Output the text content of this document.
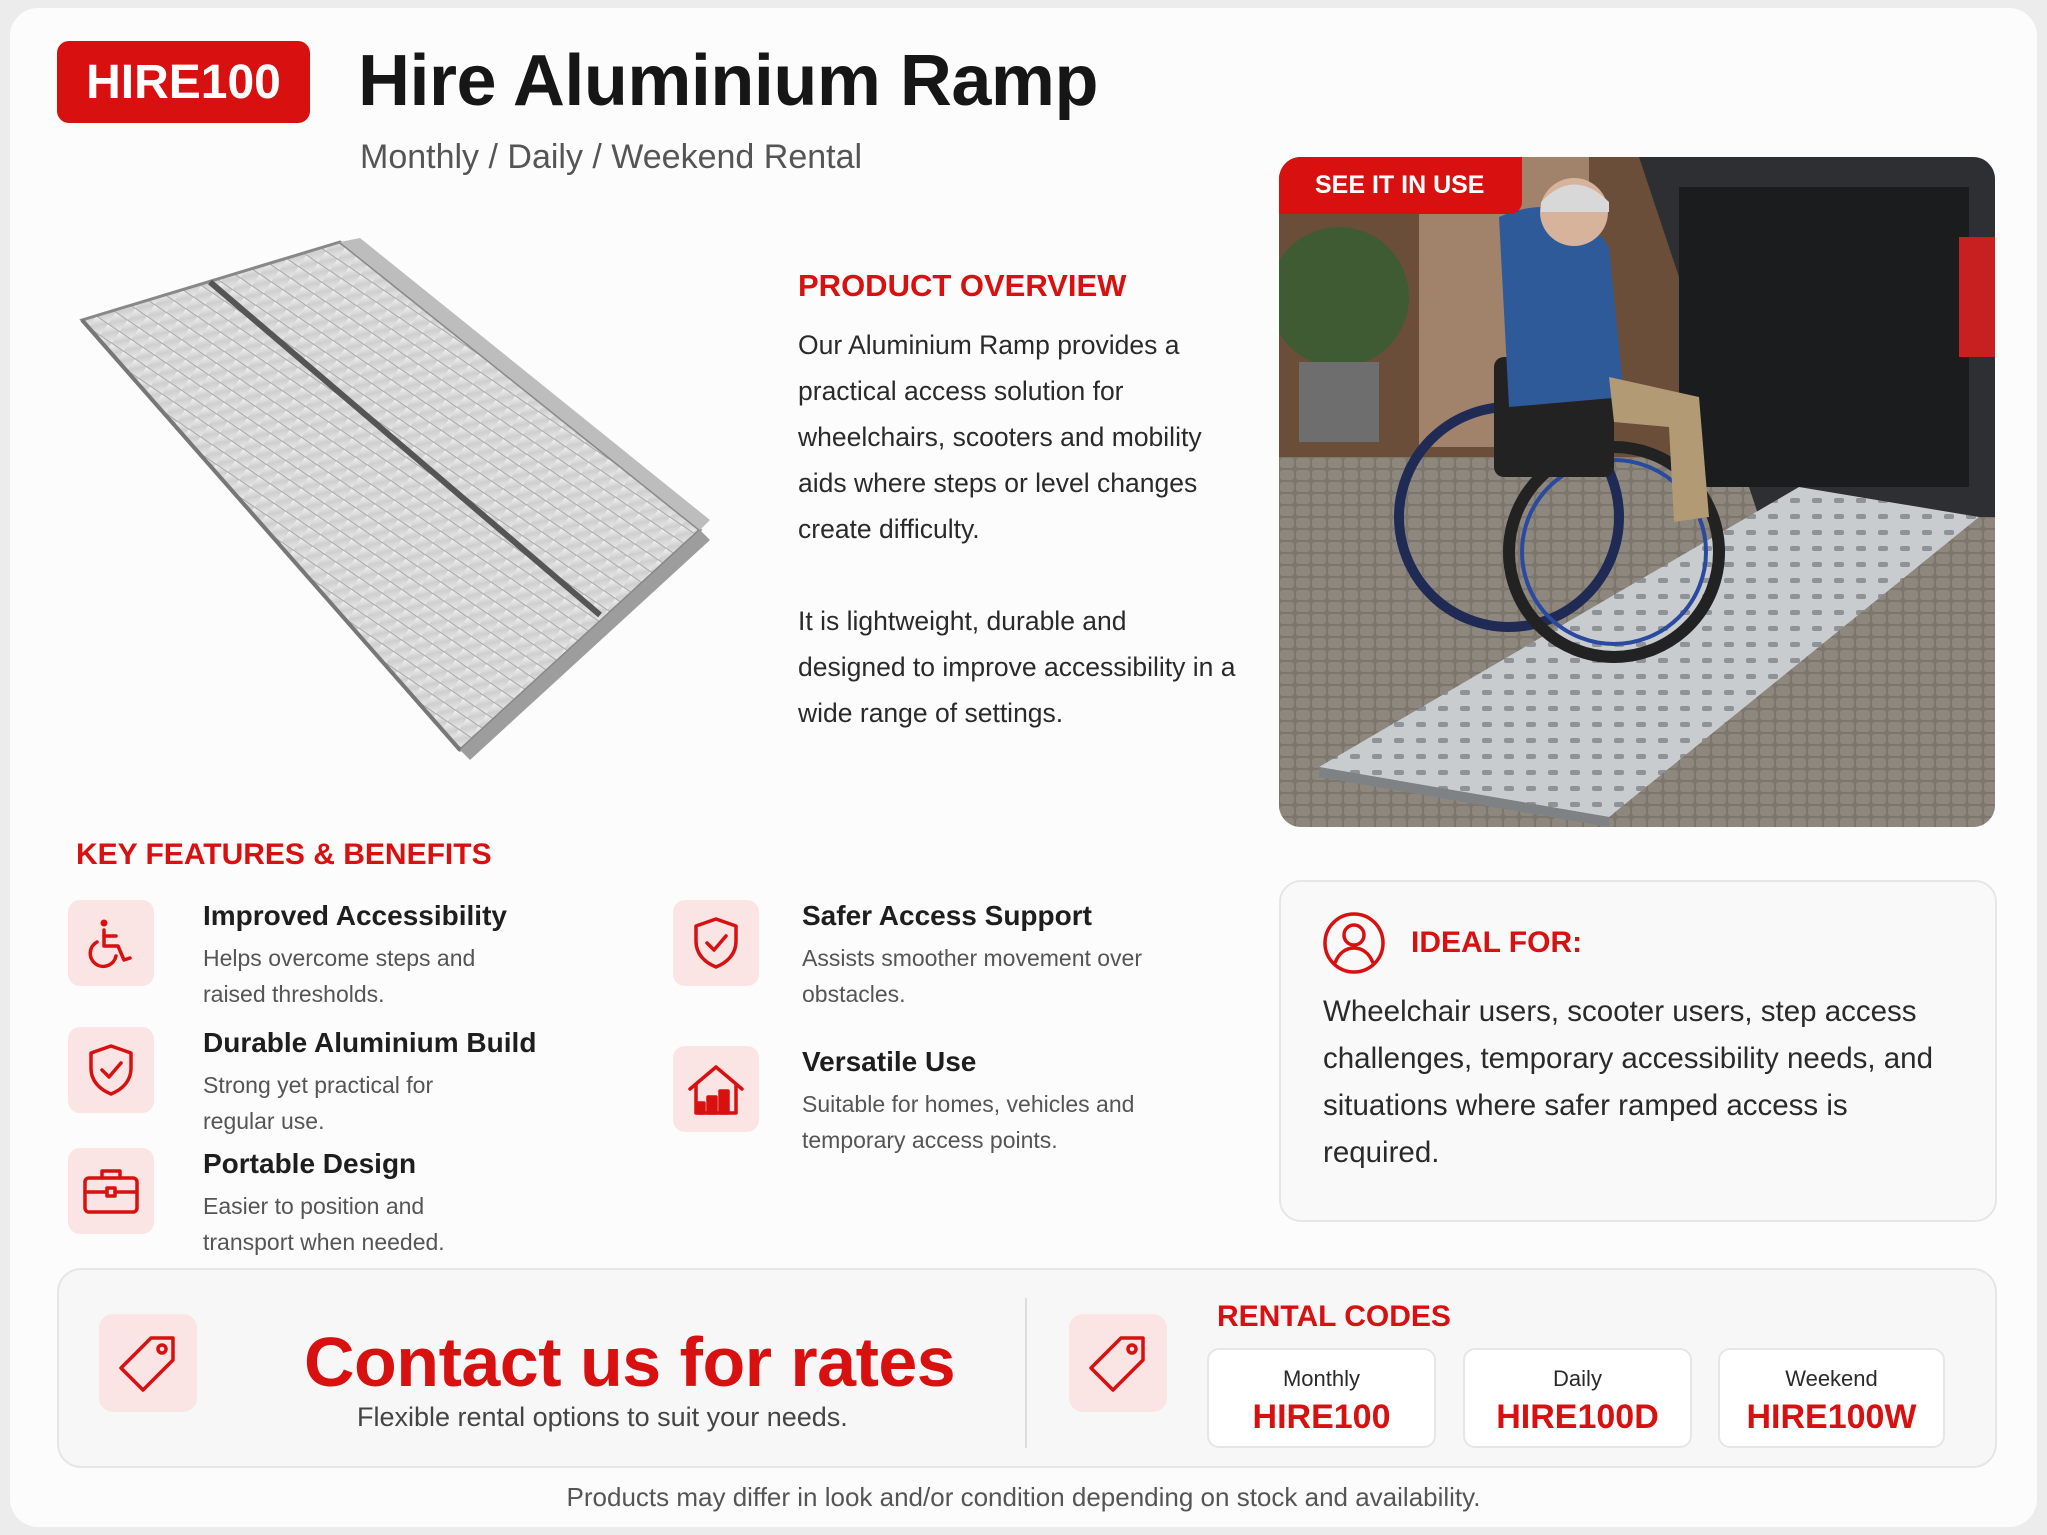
HIRE100	Hire Aluminium Ramp
Monthly / Daily / Weekend Rental
PRODUCT OVERVIEW

Our Aluminium Ramp provides a practical access solution for wheelchairs, scooters and mobility aids where steps or level changes create difficulty.

It is lightweight, durable and designed to improve accessibility in a wide range of settings.

SEE IT IN USE
KEY FEATURES & BENEFITS
Improved Accessibility
Helps overcome steps and raised thresholds.
Durable Aluminium Build
Strong yet practical for regular use.
Portable Design
Easier to position and transport when needed.
Safer Access Support
Assists smoother movement over obstacles.
Versatile Use
Suitable for homes, vehicles and temporary access points.
IDEAL FOR:
Wheelchair users, scooter users, step access challenges, temporary accessibility needs, and situations where safer ramped access is required.
Contact us for rates
Flexible rental options to suit your needs.
RENTAL CODES
Monthly
HIRE100
Daily
HIRE100D
Weekend
HIRE100W
Products may differ in look and/or condition depending on stock and availability.
